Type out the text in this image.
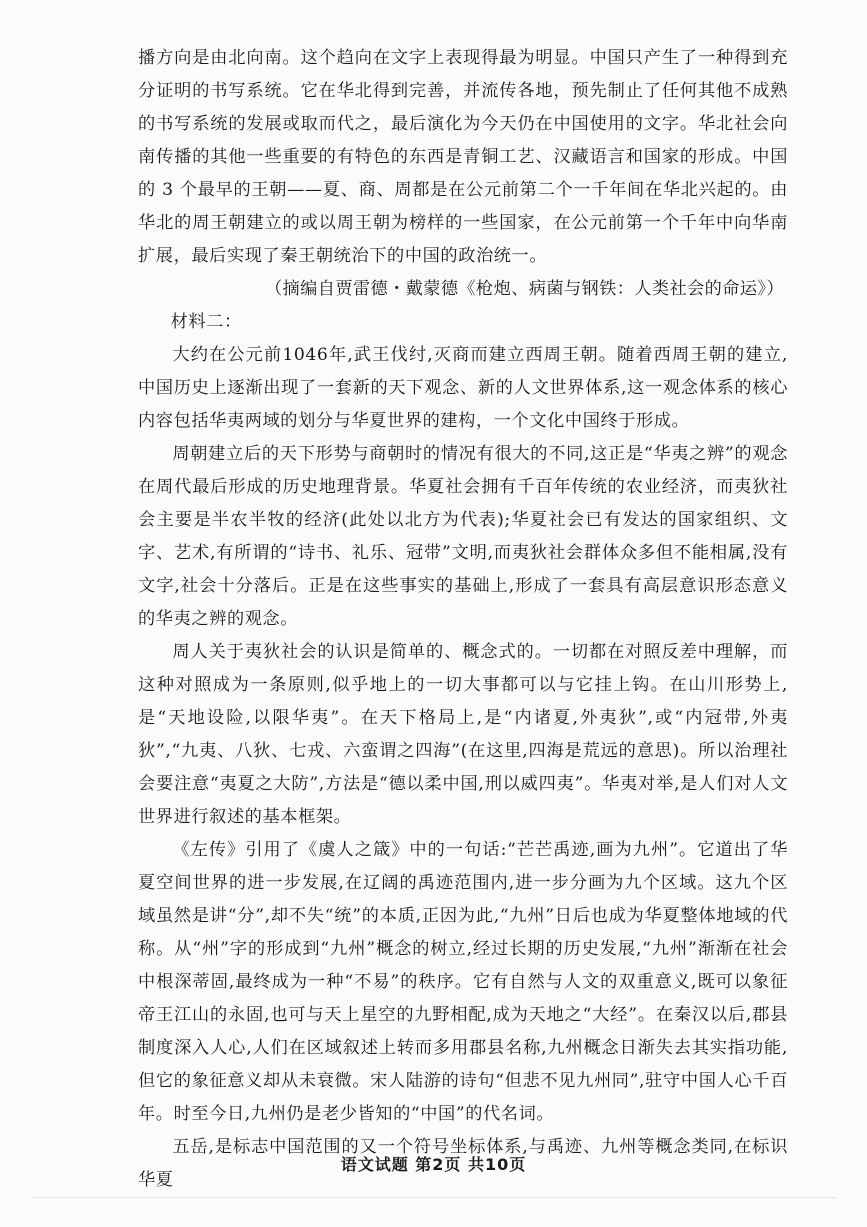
播方向是由北向南。这个趋向在文字上表现得最为明显。中国只产生了一种得到充分证明的书写系统。它在华北得到完善，并流传各地，预先制止了任何其他不成熟的书写系统的发展或取而代之，最后演化为今天仍在中国使用的文字。华北社会向南传播的其他一些重要的有特色的东西是青铜工艺、汉藏语言和国家的形成。中国的 3 个最早的王朝——夏、商、周都是在公元前第二个一千年间在华北兴起的。由华北的周王朝建立的或以周王朝为榜样的一些国家，在公元前第一个千年中向华南扩展，最后实现了秦王朝统治下的中国的政治统一。

（摘编自贾雷德・戴蒙德《枪炮、病菌与钢铁：人类社会的命运》）

材料二：

大约在公元前1046年,武王伐纣,灭商而建立西周王朝。随着西周王朝的建立,中国历史上逐渐出现了一套新的天下观念、新的人文世界体系,这一观念体系的核心内容包括华夷两域的划分与华夏世界的建构，一个文化中国终于形成。

周朝建立后的天下形势与商朝时的情况有很大的不同,这正是“华夷之辨”的观念在周代最后形成的历史地理背景。华夏社会拥有千百年传统的农业经济，而夷狄社会主要是半农半牧的经济(此处以北方为代表);华夏社会已有发达的国家组织、文字、艺术,有所谓的“诗书、礼乐、冠带”文明,而夷狄社会群体众多但不能相属,没有文字,社会十分落后。正是在这些事实的基础上,形成了一套具有高层意识形态意义的华夷之辨的观念。

周人关于夷狄社会的认识是简单的、概念式的。一切都在对照反差中理解，而这种对照成为一条原则,似乎地上的一切大事都可以与它挂上钩。在山川形势上,是“天地设险,以限华夷”。在天下格局上,是“内诸夏,外夷狄”,或“内冠带,外夷狄”,“九夷、八狄、七戎、六蛮谓之四海”(在这里,四海是荒远的意思)。所以治理社会要注意“夷夏之大防”,方法是“德以柔中国,刑以威四夷”。华夷对举,是人们对人文世界进行叙述的基本框架。

《左传》引用了《虞人之箴》中的一句话:“芒芒禹迹,画为九州”。它道出了华夏空间世界的进一步发展,在辽阔的禹迹范围内,进一步分画为九个区域。这九个区域虽然是讲“分”,却不失“统”的本质,正因为此,“九州”日后也成为华夏整体地域的代称。从“州”字的形成到“九州”概念的树立,经过长期的历史发展,“九州”渐渐在社会中根深蒂固,最终成为一种“不易”的秩序。它有自然与人文的双重意义,既可以象征帝王江山的永固,也可与天上星空的九野相配,成为天地之“大经”。在秦汉以后,郡县制度深入人心,人们在区域叙述上转而多用郡县名称,九州概念日渐失去其实指功能,但它的象征意义却从未衰微。宋人陆游的诗句“但悲不见九州同”,驻守中国人心千百年。时至今日,九州仍是老少皆知的“中国”的代名词。

五岳,是标志中国范围的又一个符号坐标体系,与禹迹、九州等概念类同,在标识华夏

语文试题 第2页 共10页
